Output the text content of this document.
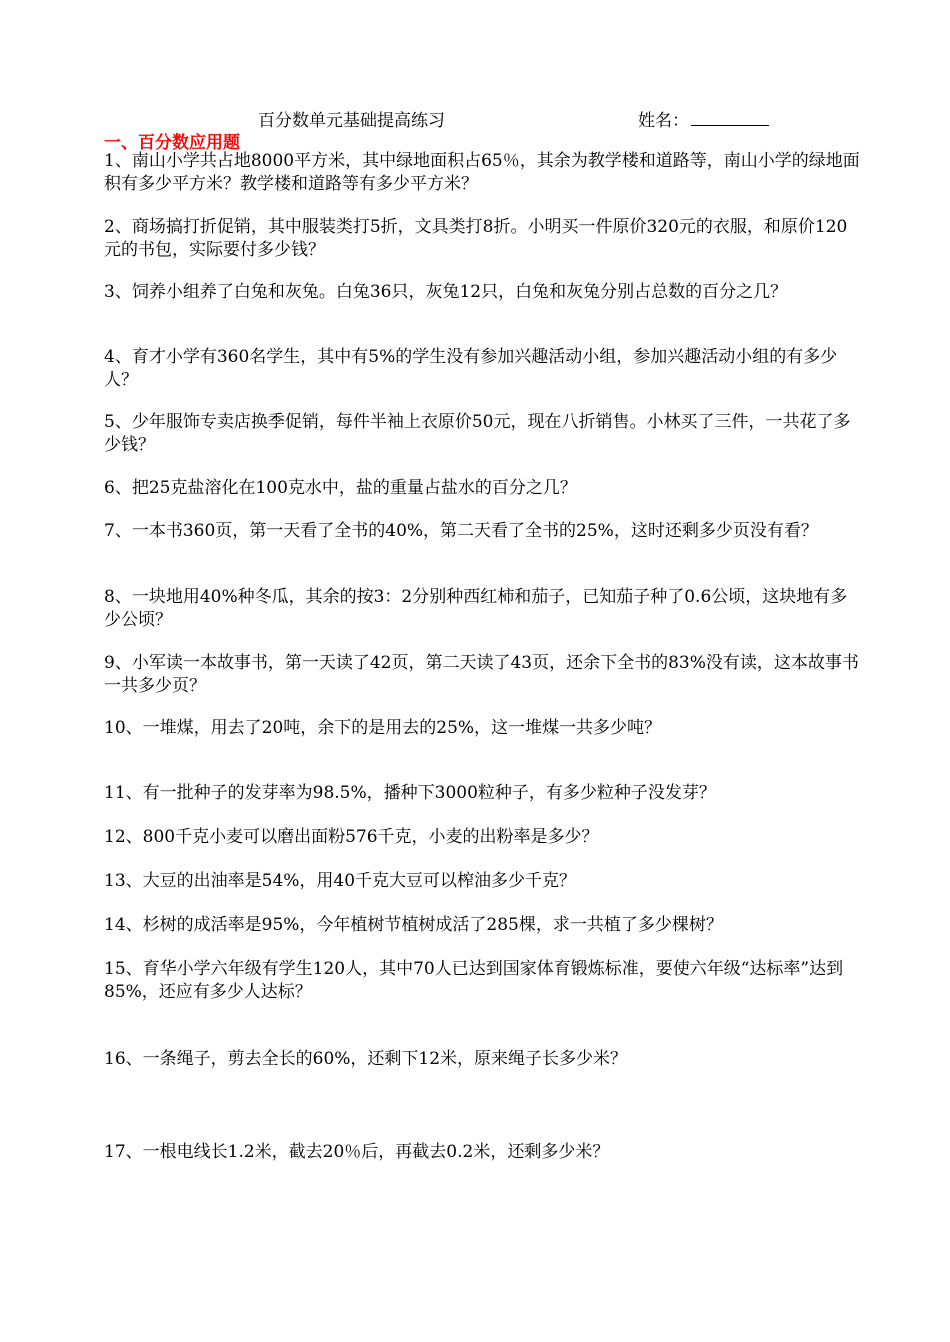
百分数单元基础提高练习	姓名：
一、百分数应用题
1、南山小学共占地8000平方米，其中绿地面积占65％，其余为教学楼和道路等，南山小学的绿地面积有多少平方米？教学楼和道路等有多少平方米？
2、商场搞打折促销，其中服装类打5折，文具类打8折。小明买一件原价320元的衣服，和原价120元的书包，实际要付多少钱？
3、饲养小组养了白兔和灰兔。白兔36只，灰兔12只，白兔和灰兔分别占总数的百分之几？
4、育才小学有360名学生，其中有5%的学生没有参加兴趣活动小组，参加兴趣活动小组的有多少人？
5、少年服饰专卖店换季促销，每件半袖上衣原价50元，现在八折销售。小林买了三件，一共花了多少钱？
6、把25克盐溶化在100克水中，盐的重量占盐水的百分之几？
7、一本书360页，第一天看了全书的40%，第二天看了全书的25%，这时还剩多少页没有看？
8、一块地用40%种冬瓜，其余的按3：2分别种西红柿和茄子，已知茄子种了0.6公顷，这块地有多少公顷？
9、小军读一本故事书，第一天读了42页，第二天读了43页，还余下全书的83%没有读，这本故事书一共多少页？
10、一堆煤，用去了20吨，余下的是用去的25%，这一堆煤一共多少吨？
11、有一批种子的发芽率为98.5%，播种下3000粒种子，有多少粒种子没发芽？
12、800千克小麦可以磨出面粉576千克，小麦的出粉率是多少？
13、大豆的出油率是54%，用40千克大豆可以榨油多少千克？
14、杉树的成活率是95%，今年植树节植树成活了285棵，求一共植了多少棵树？
15、育华小学六年级有学生120人，其中70人已达到国家体育锻炼标准，要使六年级“达标率”达到85%，还应有多少人达标？
16、一条绳子，剪去全长的60%，还剩下12米，原来绳子长多少米？
17、一根电线长1.2米，截去20％后，再截去0.2米，还剩多少米？
